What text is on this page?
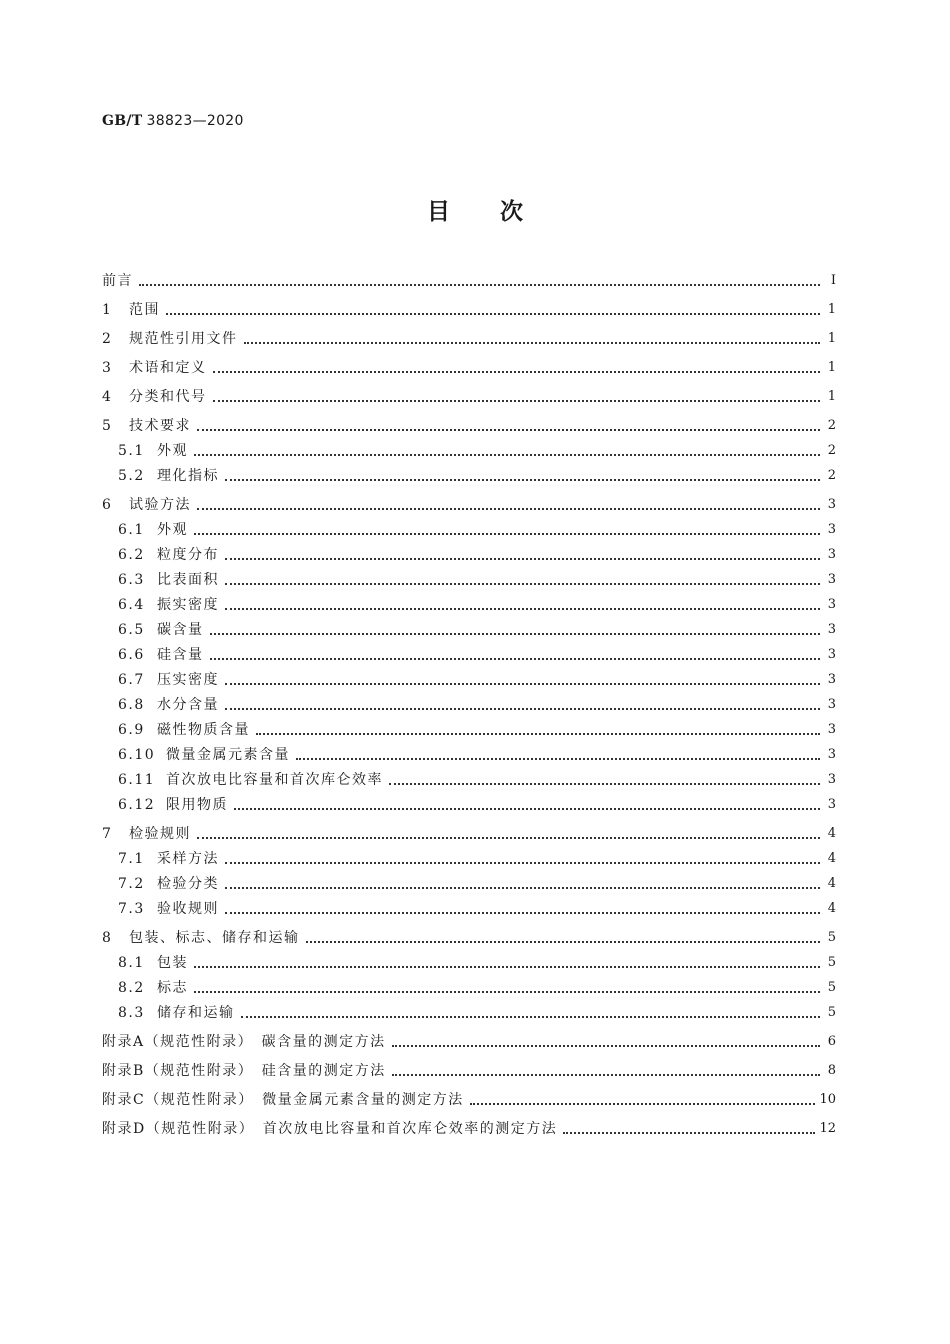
GB/T 38823—2020
目次
前言	Ⅰ
1 范围	1
2 规范性引用文件	1
3 术语和定义	1
4 分类和代号	1
5 技术要求	2
5.1 外观	2
5.2 理化指标	2
6 试验方法	3
6.1 外观	3
6.2 粒度分布	3
6.3 比表面积	3
6.4 振实密度	3
6.5 碳含量	3
6.6 硅含量	3
6.7 压实密度	3
6.8 水分含量	3
6.9 磁性物质含量	3
6.10 微量金属元素含量	3
6.11 首次放电比容量和首次库仑效率	3
6.12 限用物质	3
7 检验规则	4
7.1 采样方法	4
7.2 检验分类	4
7.3 验收规则	4
8 包装、标志、储存和运输	5
8.1 包装	5
8.2 标志	5
8.3 储存和运输	5
附录A（规范性附录）　碳含量的测定方法	6
附录B（规范性附录）　硅含量的测定方法	8
附录C（规范性附录）　微量金属元素含量的测定方法	10
附录D（规范性附录）　首次放电比容量和首次库仑效率的测定方法	12
